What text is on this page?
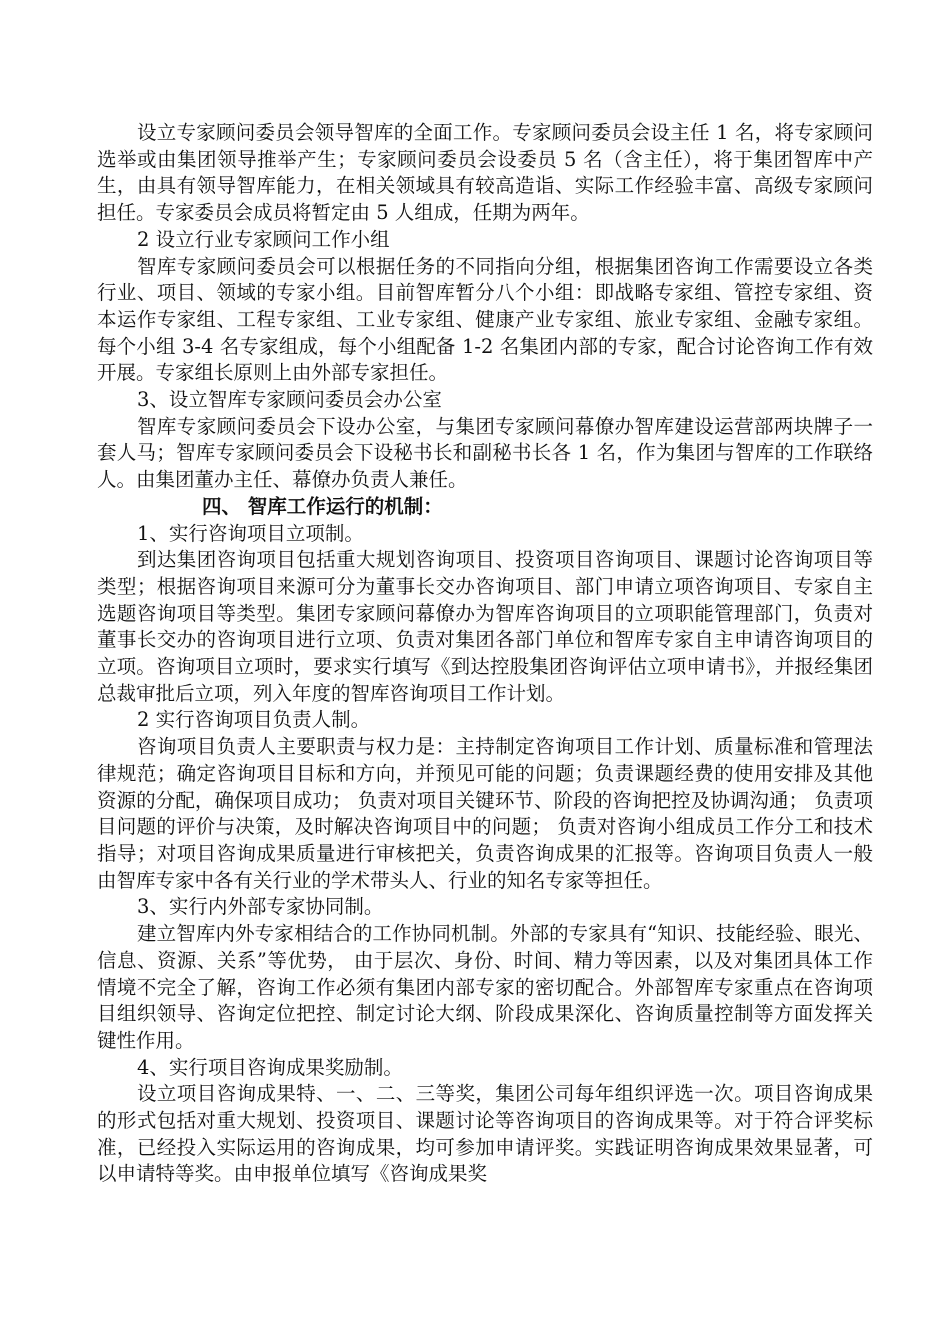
设立专家顾问委员会领导智库的全面工作。专家顾问委员会设主任 1 名，将专家顾问选举或由集团领导推举产生；专家顾问委员会设委员 5 名（含主任），将于集团智库中产生，由具有领导智库能力，在相关领域具有较高造诣、实际工作经验丰富、高级专家顾问担任。专家委员会成员将暂定由 5 人组成，任期为两年。

2 设立行业专家顾问工作小组

智库专家顾问委员会可以根据任务的不同指向分组，根据集团咨询工作需要设立各类行业、项目、领域的专家小组。目前智库暂分八个小组：即战略专家组、管控专家组、资本运作专家组、工程专家组、工业专家组、健康产业专家组、旅业专家组、金融专家组。每个小组 3-4 名专家组成，每个小组配备 1-2 名集团内部的专家，配合讨论咨询工作有效开展。专家组长原则上由外部专家担任。

3、设立智库专家顾问委员会办公室

智库专家顾问委员会下设办公室，与集团专家顾问幕僚办智库建设运营部两块牌子一套人马；智库专家顾问委员会下设秘书长和副秘书长各 1 名，作为集团与智库的工作联络人。由集团董办主任、幕僚办负责人兼任。

四、 智库工作运行的机制：

1、实行咨询项目立项制。

到达集团咨询项目包括重大规划咨询项目、投资项目咨询项目、课题讨论咨询项目等类型；根据咨询项目来源可分为董事长交办咨询项目、部门申请立项咨询项目、专家自主选题咨询项目等类型。集团专家顾问幕僚办为智库咨询项目的立项职能管理部门，负责对董事长交办的咨询项目进行立项、负责对集团各部门单位和智库专家自主申请咨询项目的立项。咨询项目立项时，要求实行填写《到达控股集团咨询评估立项申请书》，并报经集团总裁审批后立项，列入年度的智库咨询项目工作计划。

2 实行咨询项目负责人制。

咨询项目负责人主要职责与权力是：主持制定咨询项目工作计划、质量标准和管理法律规范；确定咨询项目目标和方向，并预见可能的问题；负责课题经费的使用安排及其他资源的分配，确保项目成功； 负责对项目关键环节、阶段的咨询把控及协调沟通； 负责项目问题的评价与决策，及时解决咨询项目中的问题； 负责对咨询小组成员工作分工和技术指导；对项目咨询成果质量进行审核把关，负责咨询成果的汇报等。咨询项目负责人一般由智库专家中各有关行业的学术带头人、行业的知名专家等担任。

3、实行内外部专家协同制。

建立智库内外专家相结合的工作协同机制。外部的专家具有“知识、技能经验、眼光、信息、资源、关系”等优势， 由于层次、身份、时间、精力等因素，以及对集团具体工作情境不完全了解，咨询工作必须有集团内部专家的密切配合。外部智库专家重点在咨询项目组织领导、咨询定位把控、制定讨论大纲、阶段成果深化、咨询质量控制等方面发挥关键性作用。

4、实行项目咨询成果奖励制。

设立项目咨询成果特、一、二、三等奖，集团公司每年组织评选一次。项目咨询成果的形式包括对重大规划、投资项目、课题讨论等咨询项目的咨询成果等。对于符合评奖标准，已经投入实际运用的咨询成果，均可参加申请评奖。实践证明咨询成果效果显著，可以申请特等奖。由申报单位填写《咨询成果奖
